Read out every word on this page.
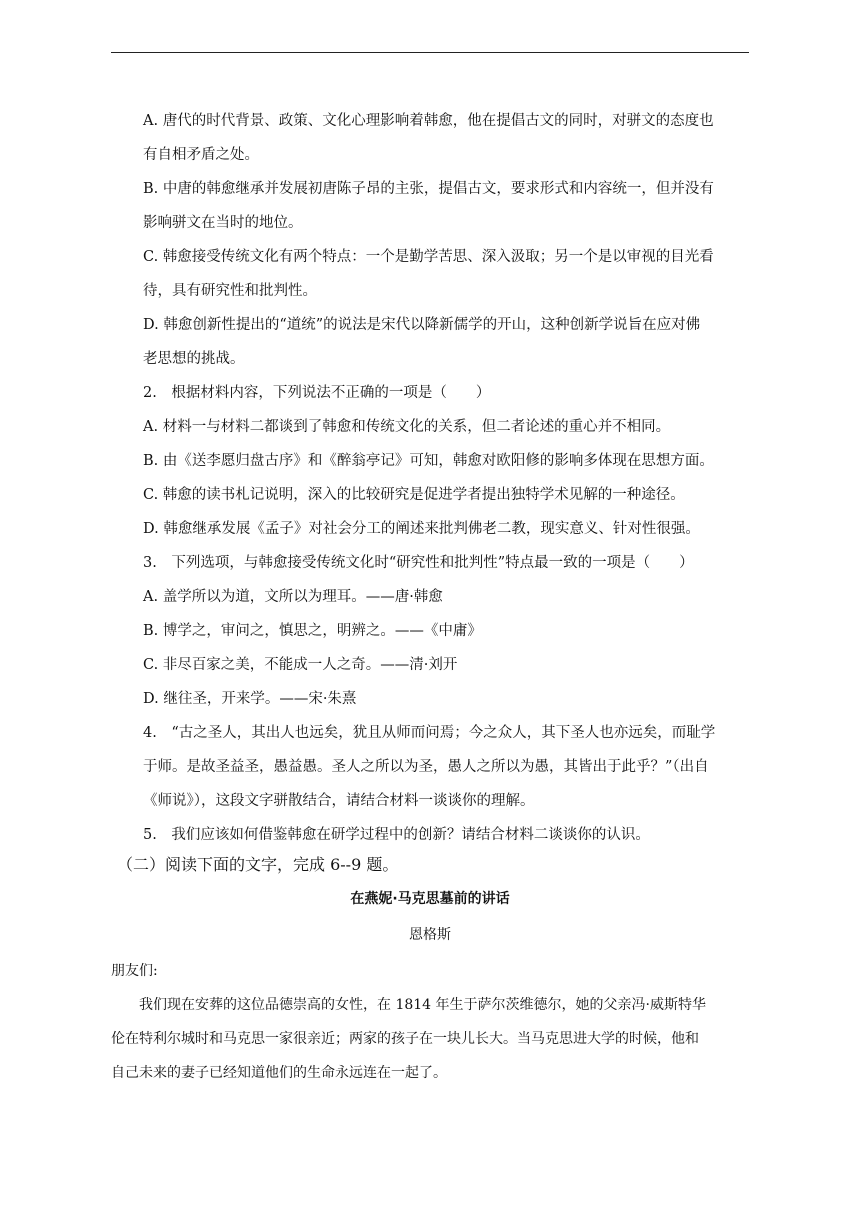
A. 唐代的时代背景、政策、文化心理影响着韩愈，他在提倡古文的同时，对骈文的态度也
有自相矛盾之处。
B. 中唐的韩愈继承并发展初唐陈子昂的主张，提倡古文，要求形式和内容统一，但并没有
影响骈文在当时的地位。
C. 韩愈接受传统文化有两个特点：一个是勤学苦思、深入汲取；另一个是以审视的目光看
待，具有研究性和批判性。
D. 韩愈创新性提出的“道统”的说法是宋代以降新儒学的开山，这种创新学说旨在应对佛
老思想的挑战。
2.　根据材料内容，下列说法不正确的一项是（　　）
A. 材料一与材料二都谈到了韩愈和传统文化的关系，但二者论述的重心并不相同。
B. 由《送李愿归盘古序》和《醉翁亭记》可知，韩愈对欧阳修的影响多体现在思想方面。
C. 韩愈的读书札记说明，深入的比较研究是促进学者提出独特学术见解的一种途径。
D. 韩愈继承发展《孟子》对社会分工的阐述来批判佛老二教，现实意义、针对性很强。
3.　下列选项，与韩愈接受传统文化时“研究性和批判性”特点最一致的一项是（　　）
A. 盖学所以为道，文所以为理耳。——唐·韩愈
B. 博学之，审问之，慎思之，明辨之。——《中庸》
C. 非尽百家之美，不能成一人之奇。——清·刘开
D. 继往圣，开来学。——宋·朱熹
4.　“古之圣人，其出人也远矣，犹且从师而问焉；今之众人，其下圣人也亦远矣，而耻学
于师。是故圣益圣，愚益愚。圣人之所以为圣，愚人之所以为愚，其皆出于此乎？”（出自
《师说》），这段文字骈散结合，请结合材料一谈谈你的理解。
5.　我们应该如何借鉴韩愈在研学过程中的创新？请结合材料二谈谈你的认识。
（二）阅读下面的文字，完成 6--9 题。
在燕妮·马克思墓前的讲话
恩格斯
朋友们:
　　我们现在安葬的这位品德崇高的女性，在 1814 年生于萨尔茨维德尔，她的父亲冯·威斯特华
伦在特利尔城时和马克思一家很亲近；两家的孩子在一块儿长大。当马克思进大学的时候，他和
自己未来的妻子已经知道他们的生命永远连在一起了。
